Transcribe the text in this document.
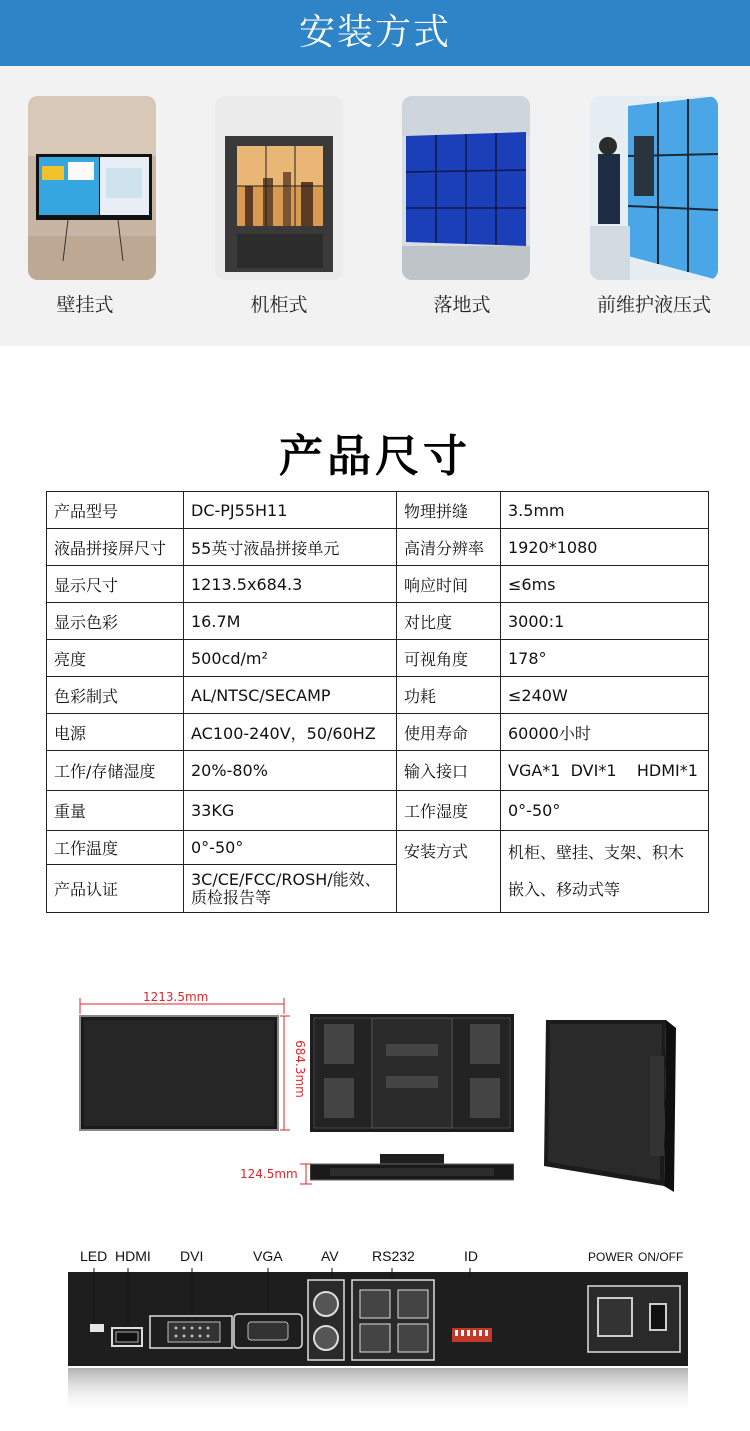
安装方式
壁挂式	机柜式	落地式	前维护液压式
产品尺寸
产品型号	DC-PJ55H11	物理拼缝	3.5mm
液晶拼接屏尺寸	55英寸液晶拼接单元	高清分辨率	1920*1080
显示尺寸	1213.5x684.3	响应时间	≤6ms
显示色彩	16.7M	对比度	3000:1
亮度	500cd/m²	可视角度	178°
色彩制式	AL/NTSC/SECAMP	功耗	≤240W
电源	AC100-240V，50/60HZ	使用寿命	60000小时
工作/存储湿度	20%-80%	输入接口	VGA*1  DVI*1    HDMI*1
重量	33KG	工作湿度	0°-50°
工作温度	0°-50°	安装方式	机柜、壁挂、支架、积木
产品认证	3C/CE/FCC/ROSH/能效、质检报告等		嵌入、移动式等
1213.5mm
684.3mm
124.5mm
LED HDMI DVI	VGA	AV RS232	ID	POWER ON/OFF
